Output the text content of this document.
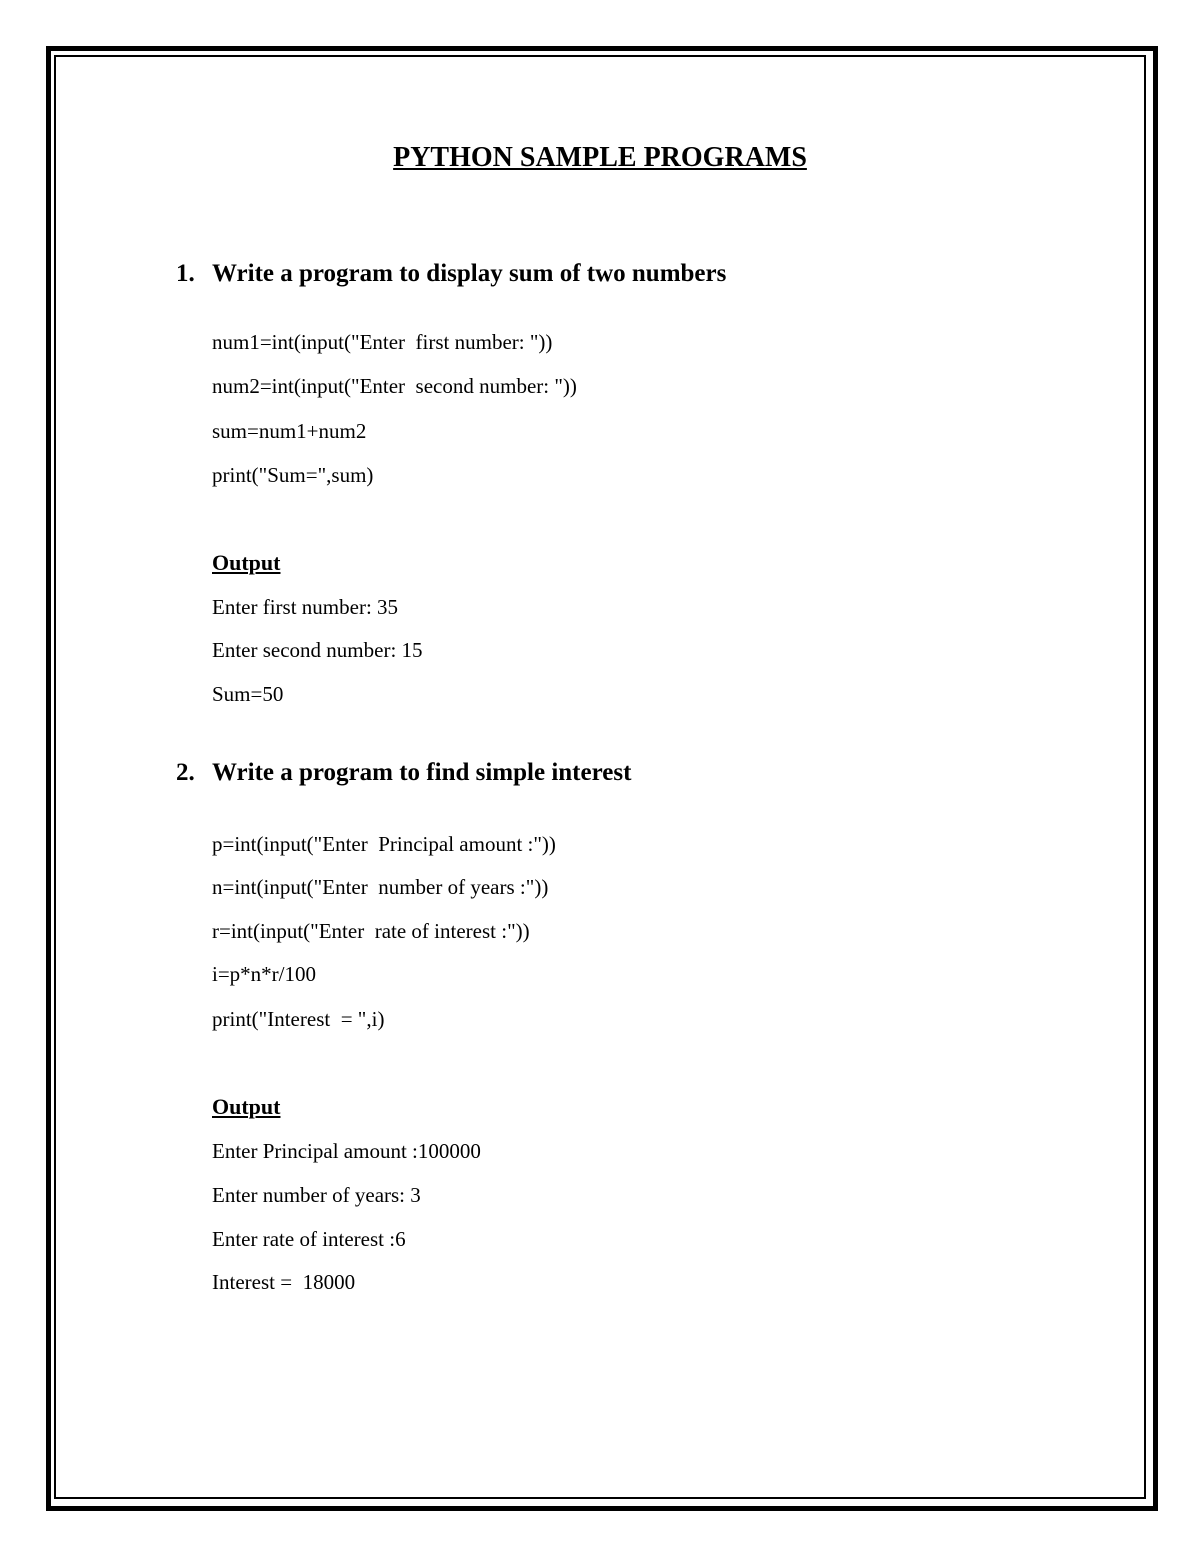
PYTHON SAMPLE PROGRAMS
1. Write a program to display sum of two numbers
num1=int(input("Enter  first number: "))
num2=int(input("Enter  second number: "))
sum=num1+num2
print("Sum=",sum)
Output
Enter first number: 35
Enter second number: 15
Sum=50
2. Write a program to find simple interest
p=int(input("Enter  Principal amount :"))
n=int(input("Enter  number of years :"))
r=int(input("Enter  rate of interest :"))
i=p*n*r/100
print("Interest  = ",i)
Output
Enter Principal amount :100000
Enter number of years: 3
Enter rate of interest :6
Interest =  18000
